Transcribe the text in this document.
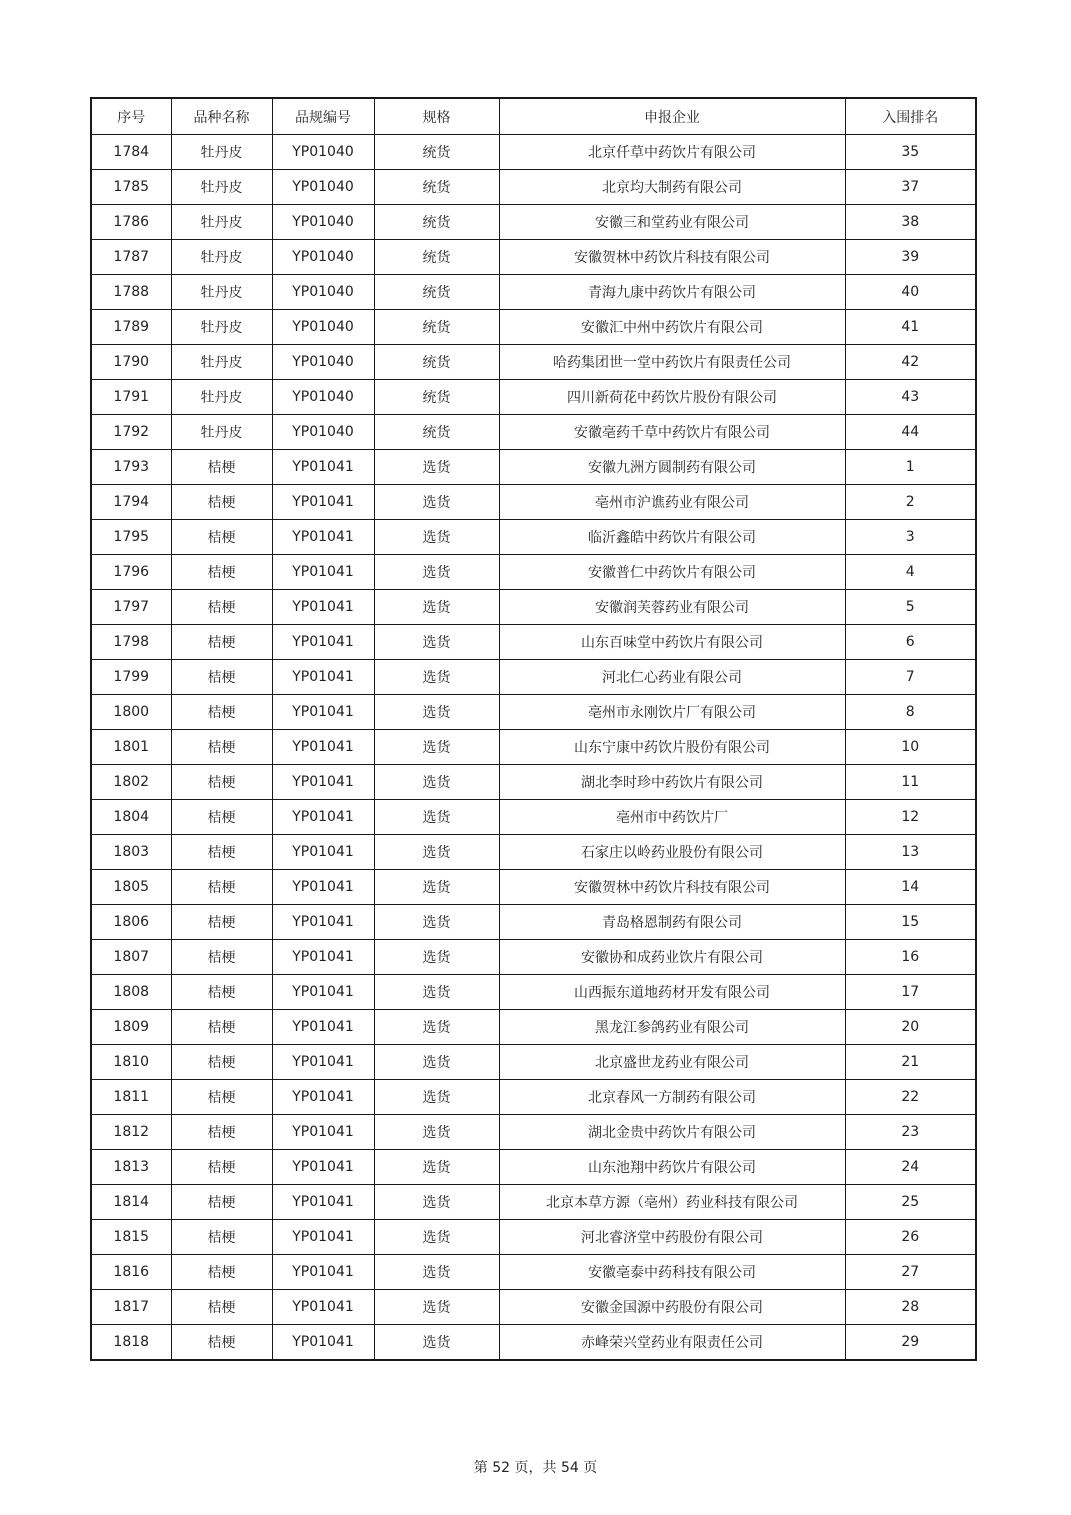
序号	品种名称	品规编号	规格	申报企业	入围排名
1784	牡丹皮	YP01040	统货	北京仟草中药饮片有限公司	35
1785	牡丹皮	YP01040	统货	北京均大制药有限公司	37
1786	牡丹皮	YP01040	统货	安徽三和堂药业有限公司	38
1787	牡丹皮	YP01040	统货	安徽贺林中药饮片科技有限公司	39
1788	牡丹皮	YP01040	统货	青海九康中药饮片有限公司	40
1789	牡丹皮	YP01040	统货	安徽汇中州中药饮片有限公司	41
1790	牡丹皮	YP01040	统货	哈药集团世一堂中药饮片有限责任公司	42
1791	牡丹皮	YP01040	统货	四川新荷花中药饮片股份有限公司	43
1792	牡丹皮	YP01040	统货	安徽亳药千草中药饮片有限公司	44
1793	桔梗	YP01041	选货	安徽九洲方圆制药有限公司	1
1794	桔梗	YP01041	选货	亳州市沪谯药业有限公司	2
1795	桔梗	YP01041	选货	临沂鑫皓中药饮片有限公司	3
1796	桔梗	YP01041	选货	安徽普仁中药饮片有限公司	4
1797	桔梗	YP01041	选货	安徽润芙蓉药业有限公司	5
1798	桔梗	YP01041	选货	山东百味堂中药饮片有限公司	6
1799	桔梗	YP01041	选货	河北仁心药业有限公司	7
1800	桔梗	YP01041	选货	亳州市永刚饮片厂有限公司	8
1801	桔梗	YP01041	选货	山东宁康中药饮片股份有限公司	10
1802	桔梗	YP01041	选货	湖北李时珍中药饮片有限公司	11
1804	桔梗	YP01041	选货	亳州市中药饮片厂	12
1803	桔梗	YP01041	选货	石家庄以岭药业股份有限公司	13
1805	桔梗	YP01041	选货	安徽贺林中药饮片科技有限公司	14
1806	桔梗	YP01041	选货	青岛格恩制药有限公司	15
1807	桔梗	YP01041	选货	安徽协和成药业饮片有限公司	16
1808	桔梗	YP01041	选货	山西振东道地药材开发有限公司	17
1809	桔梗	YP01041	选货	黑龙江参鸽药业有限公司	20
1810	桔梗	YP01041	选货	北京盛世龙药业有限公司	21
1811	桔梗	YP01041	选货	北京春风一方制药有限公司	22
1812	桔梗	YP01041	选货	湖北金贵中药饮片有限公司	23
1813	桔梗	YP01041	选货	山东池翔中药饮片有限公司	24
1814	桔梗	YP01041	选货	北京本草方源（亳州）药业科技有限公司	25
1815	桔梗	YP01041	选货	河北睿济堂中药股份有限公司	26
1816	桔梗	YP01041	选货	安徽亳泰中药科技有限公司	27
1817	桔梗	YP01041	选货	安徽金国源中药股份有限公司	28
1818	桔梗	YP01041	选货	赤峰荣兴堂药业有限责任公司	29
第 52 页，共 54 页
